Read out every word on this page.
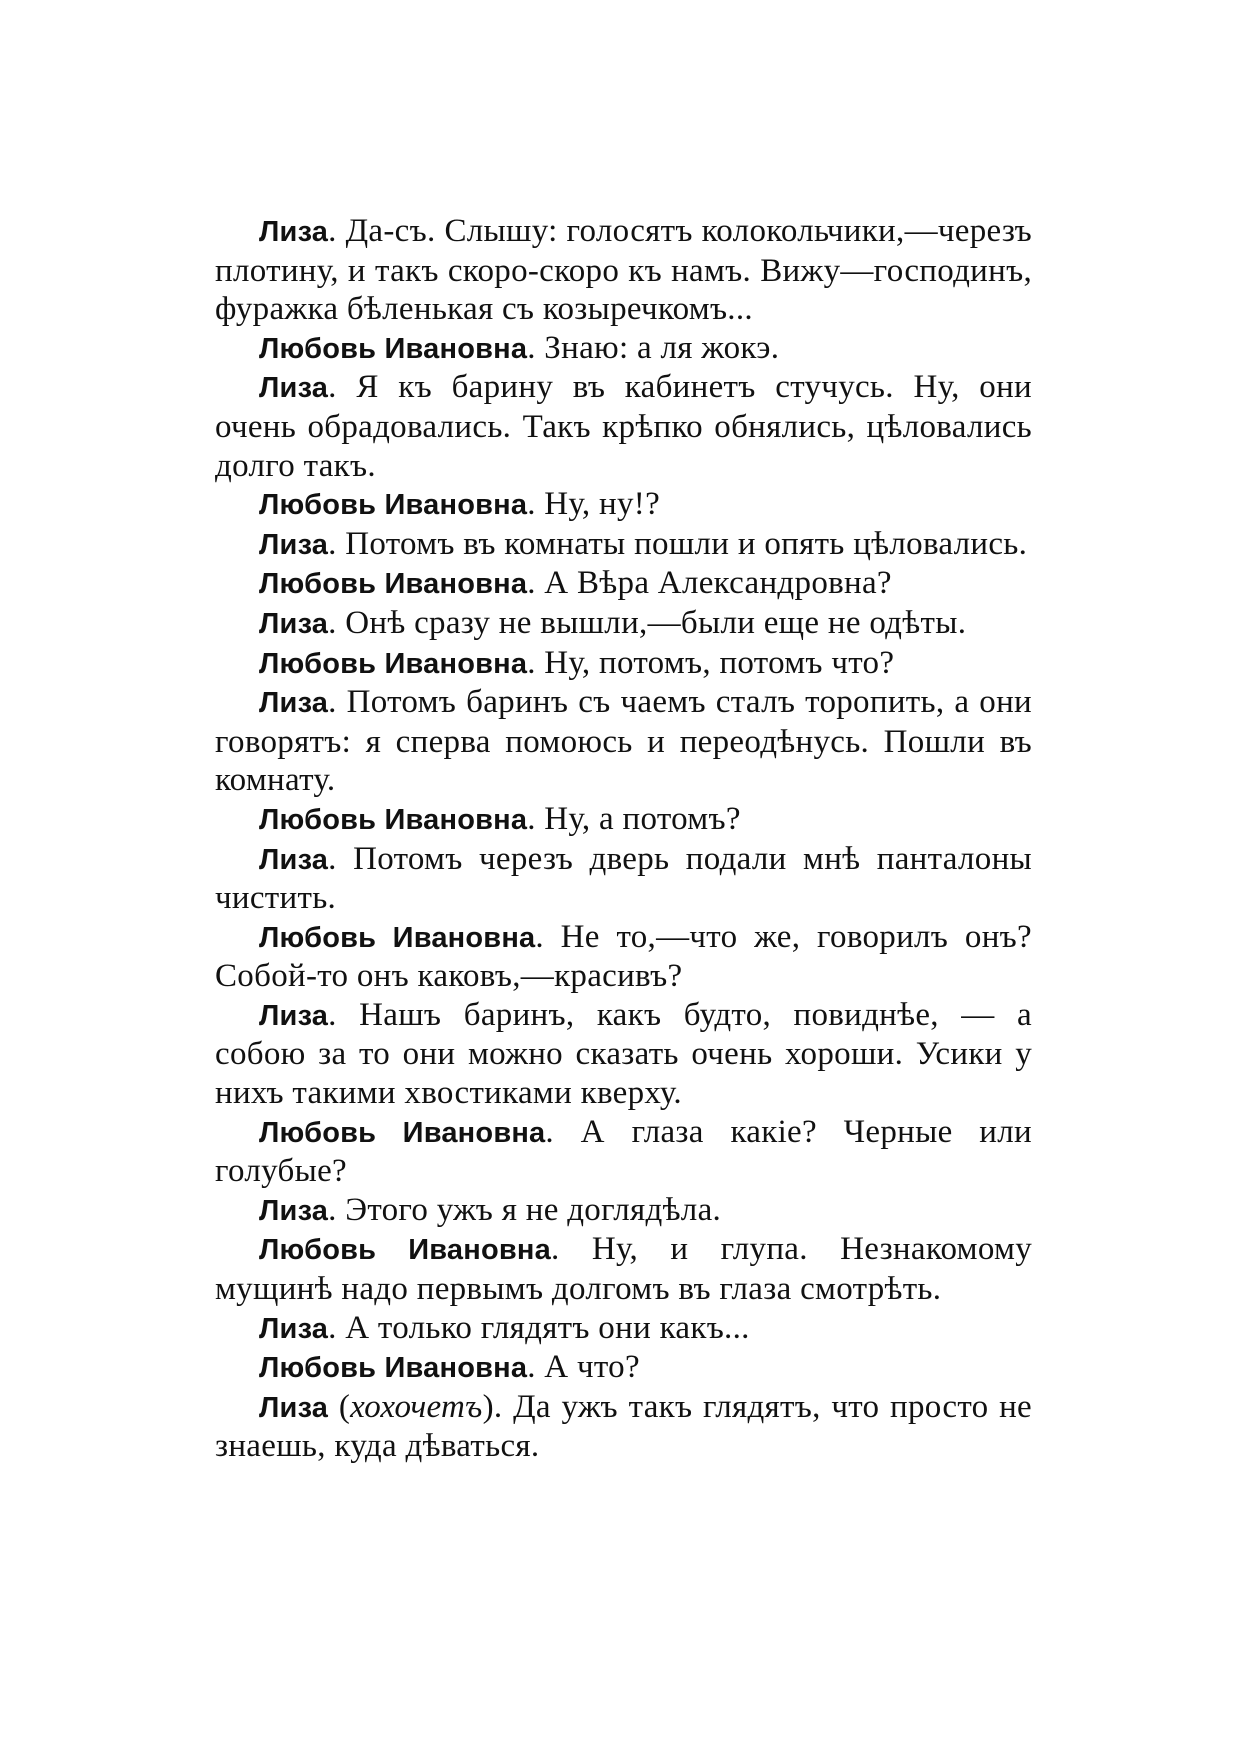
Лиза. Да-съ. Слышу: голосятъ колокольчики,—черезъ плотину, и такъ скоро-скоро къ намъ. Вижу—господинъ, фуражка бѣленькая съ козыречкомъ...

Любовь Ивановна. Знаю: а ля жокэ.

Лиза. Я къ барину въ кабинетъ стучусь. Ну, они очень обрадовались. Такъ крѣпко обнялись, цѣловались долго такъ.

Любовь Ивановна. Ну, ну!?

Лиза. Потомъ въ комнаты пошли и опять цѣловались.

Любовь Ивановна. А Вѣра Александровна?

Лиза. Онѣ сразу не вышли,—были еще не одѣты.

Любовь Ивановна. Ну, потомъ, потомъ что?

Лиза. Потомъ баринъ съ чаемъ сталъ торопить, а они говорятъ: я сперва помоюсь и переодѣнусь. Пошли въ комнату.

Любовь Ивановна. Ну, а потомъ?

Лиза. Потомъ черезъ дверь подали мнѣ панталоны чистить.

Любовь Ивановна. Не то,—что же, говорилъ онъ? Собой-то онъ каковъ,—красивъ?

Лиза. Нашъ баринъ, какъ будто, повиднѣе, — а собою за то они можно сказать очень хороши. Усики у нихъ такими хвостиками кверху.

Любовь Ивановна. А глаза какіе? Черные или голубые?

Лиза. Этого ужъ я не доглядѣла.

Любовь Ивановна. Ну, и глупа. Незнакомому мущинѣ надо первымъ долгомъ въ глаза смотрѣть.

Лиза. А только глядятъ они какъ...

Любовь Ивановна. А что?

Лиза (хохочетъ). Да ужъ такъ глядятъ, что просто не знаешь, куда дѣваться.
